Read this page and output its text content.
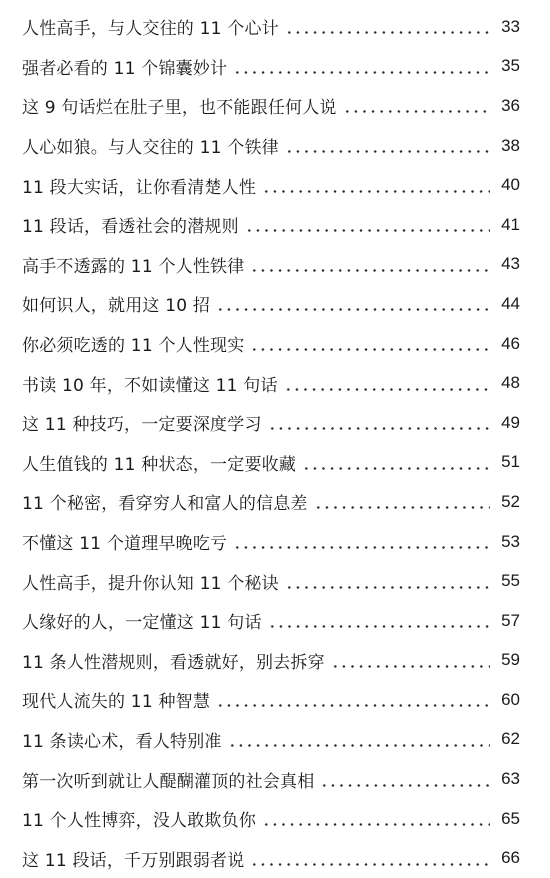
人性高手，与人交往的 11 个心计	33
强者必看的 11 个锦囊妙计	35
这 9 句话烂在肚子里，也不能跟任何人说	36
人心如狼。与人交往的 11 个铁律	38
11 段大实话，让你看清楚人性	40
11 段话，看透社会的潜规则	41
高手不透露的 11 个人性铁律	43
如何识人，就用这 10 招	44
你必须吃透的 11 个人性现实	46
书读 10 年，不如读懂这 11 句话	48
这 11 种技巧，一定要深度学习	49
人生值钱的 11 种状态，一定要收藏	51
11 个秘密，看穿穷人和富人的信息差	52
不懂这 11 个道理早晚吃亏	53
人性高手，提升你认知 11 个秘诀	55
人缘好的人，一定懂这 11 句话	57
11 条人性潜规则，看透就好，别去拆穿	59
现代人流失的 11 种智慧	60
11 条读心术，看人特别准	62
第一次听到就让人醍醐灌顶的社会真相	63
11 个人性博弈，没人敢欺负你	65
这 11 段话，千万别跟弱者说	66
